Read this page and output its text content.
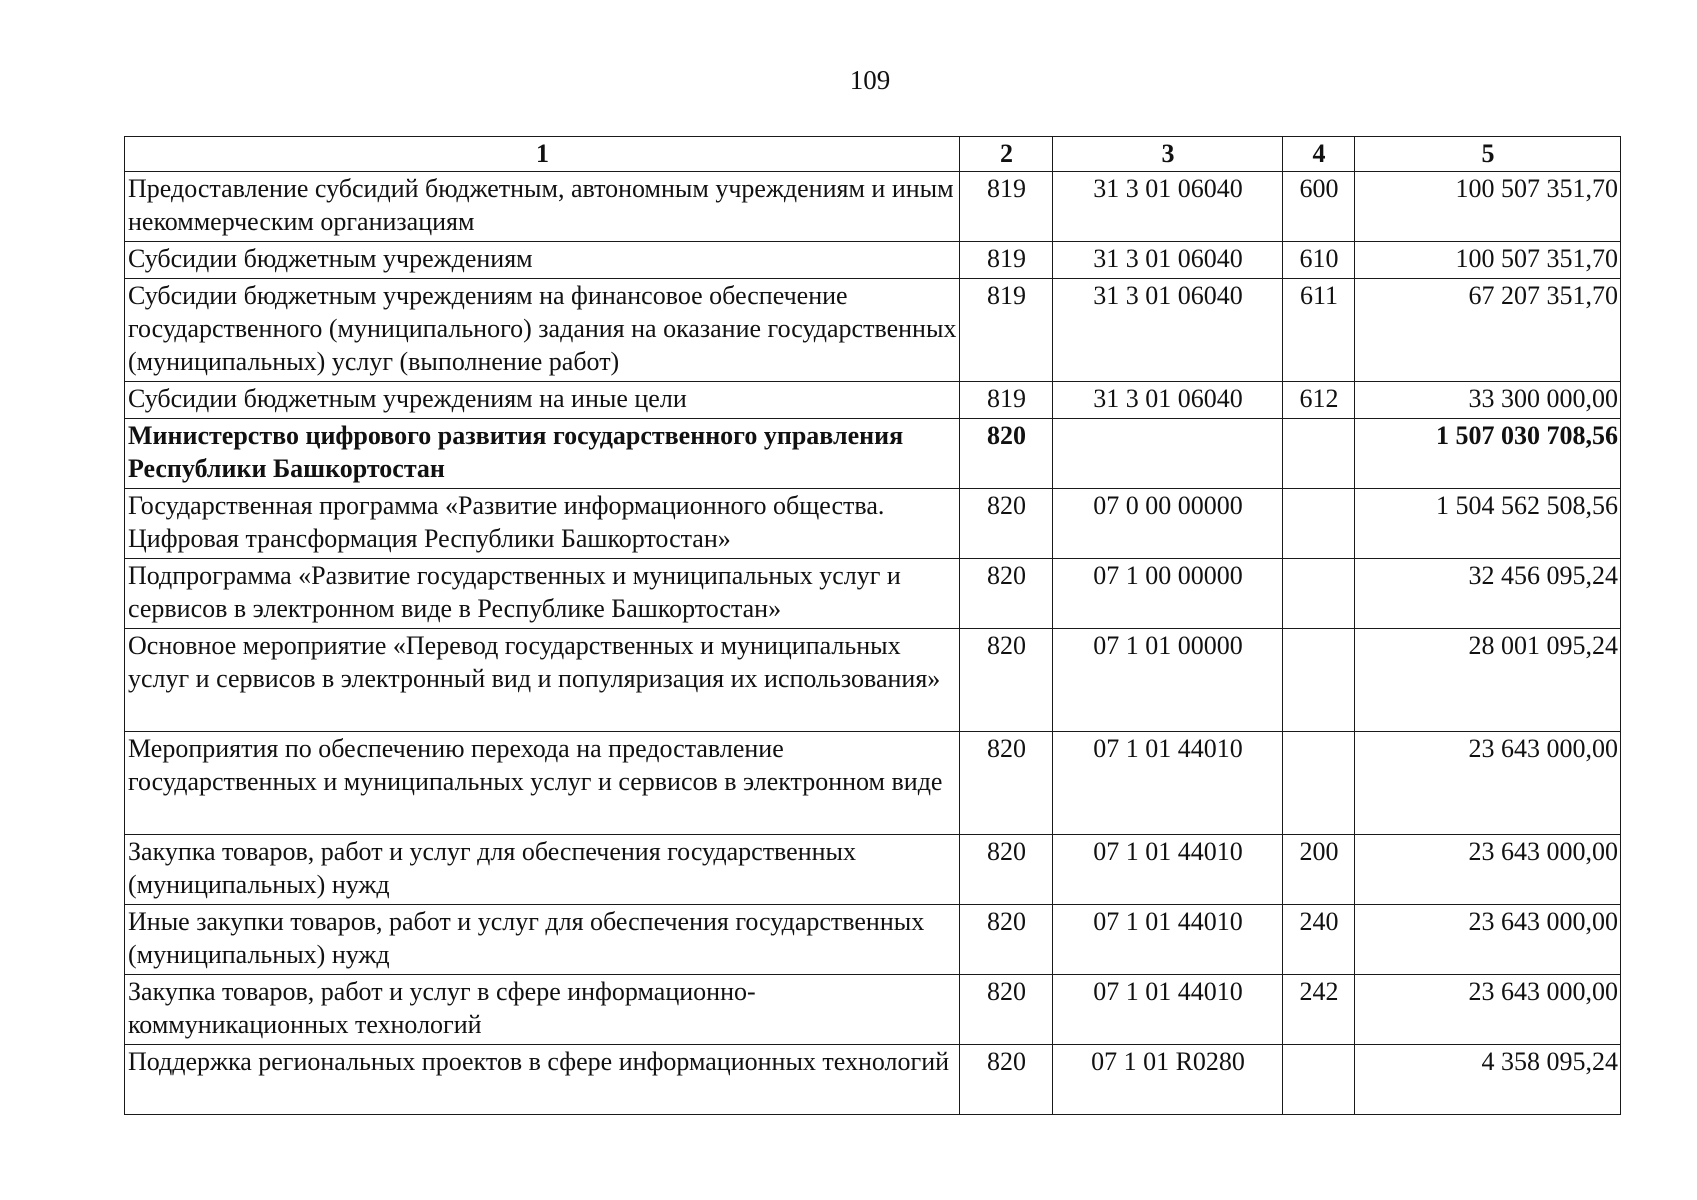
109
1	2	3	4	5
Предоставление субсидий бюджетным, автономным учреждениям и иным некоммерческим организациям	819	31 3 01 06040	600	100 507 351,70
Субсидии бюджетным учреждениям	819	31 3 01 06040	610	100 507 351,70
Субсидии бюджетным учреждениям на финансовое обеспечение государственного (муниципального) задания на оказание государственных (муниципальных) услуг (выполнение работ)	819	31 3 01 06040	611	67 207 351,70
Субсидии бюджетным учреждениям на иные цели	819	31 3 01 06040	612	33 300 000,00
Министерство цифрового развития государственного управления Республики Башкортостан	820			1 507 030 708,56
Государственная программа «Развитие информационного общества. Цифровая трансформация Республики Башкортостан»	820	07 0 00 00000		1 504 562 508,56
Подпрограмма «Развитие государственных и муниципальных услуг и сервисов в электронном виде в Республике Башкортостан»	820	07 1 00 00000		32 456 095,24
Основное мероприятие «Перевод государственных и муниципальных услуг и сервисов в электронный вид и популяризация их использования»	820	07 1 01 00000		28 001 095,24
Мероприятия по обеспечению перехода на предоставление государственных и муниципальных услуг и сервисов в электронном виде	820	07 1 01 44010		23 643 000,00
Закупка товаров, работ и услуг для обеспечения государственных (муниципальных) нужд	820	07 1 01 44010	200	23 643 000,00
Иные закупки товаров, работ и услуг для обеспечения государственных (муниципальных) нужд	820	07 1 01 44010	240	23 643 000,00
Закупка товаров, работ и услуг в сфере информационно-коммуникационных технологий	820	07 1 01 44010	242	23 643 000,00
Поддержка региональных проектов в сфере информационных технологий	820	07 1 01 R0280		4 358 095,24
